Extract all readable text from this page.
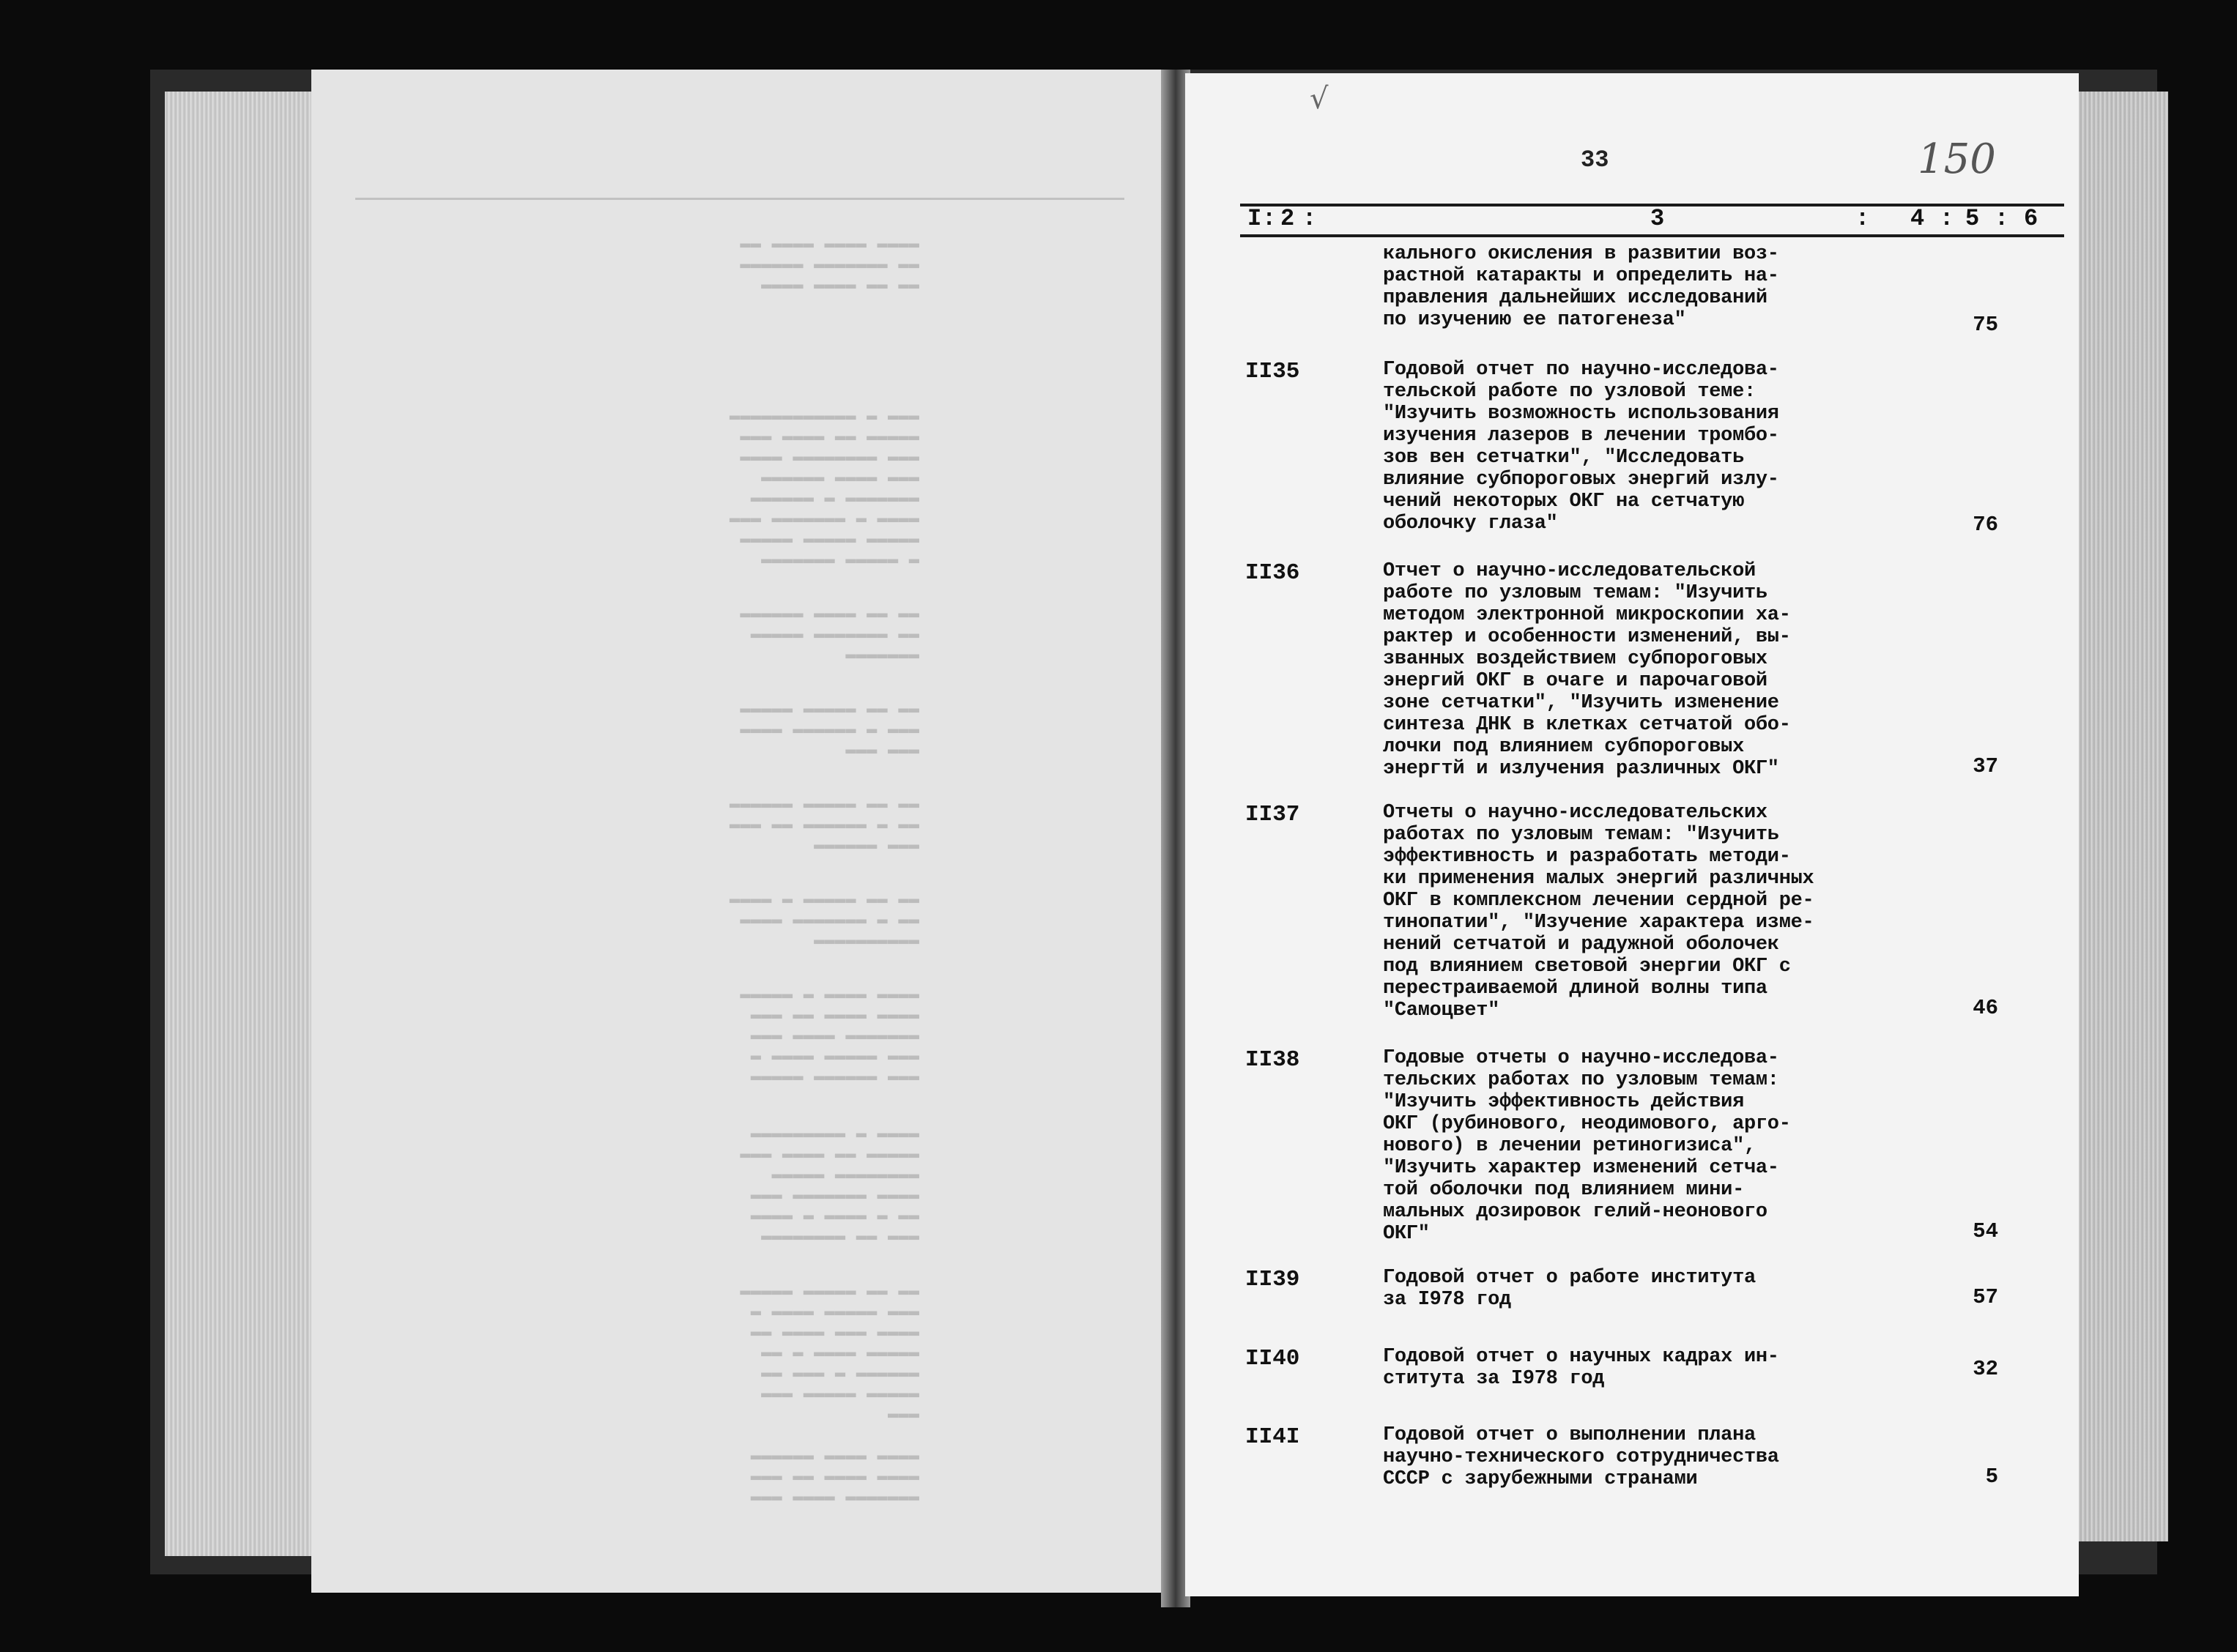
▬▬▬▬ ▬▬▬▬ ▬▬▬▬ ▬▬
▬▬ ▬▬▬▬▬▬▬ ▬▬▬▬▬▬
▬▬ ▬▬ ▬▬▬▬ ▬▬▬▬
▬▬▬ ▬ ▬▬▬▬▬▬▬▬▬▬▬▬
▬▬▬▬▬ ▬▬ ▬▬▬▬ ▬▬▬
▬▬▬ ▬▬▬▬▬▬▬▬ ▬▬▬▬
▬▬▬ ▬▬▬▬ ▬▬▬▬▬▬
▬▬▬▬▬▬▬ ▬ ▬▬▬▬▬▬
▬▬▬▬ ▬ ▬▬▬▬▬▬▬ ▬▬▬
▬▬▬▬▬ ▬▬▬▬▬ ▬▬▬▬▬
▬ ▬▬▬▬▬ ▬▬▬▬▬▬▬
▬▬ ▬▬ ▬▬▬▬ ▬▬▬▬▬▬
▬▬ ▬▬▬▬▬▬▬ ▬▬▬▬▬
▬▬▬▬▬▬▬
▬▬ ▬▬ ▬▬▬▬▬ ▬▬▬▬▬
▬▬▬ ▬ ▬▬▬▬▬▬ ▬▬▬▬
▬▬▬ ▬▬▬
▬▬ ▬▬ ▬▬▬▬▬ ▬▬▬▬▬▬
▬▬ ▬ ▬▬▬▬▬▬ ▬▬ ▬▬▬
▬▬▬ ▬▬▬▬▬▬
▬▬ ▬▬ ▬▬▬▬▬ ▬ ▬▬▬▬
▬▬ ▬ ▬▬▬▬▬▬▬ ▬▬▬▬
▬▬▬▬▬▬▬▬▬▬
▬▬▬▬ ▬▬▬▬ ▬ ▬▬▬▬▬
▬▬▬▬ ▬▬▬▬ ▬▬ ▬▬▬
▬▬▬▬▬▬▬ ▬▬▬▬ ▬▬▬
▬▬▬ ▬▬▬▬▬ ▬▬▬▬ ▬
▬▬▬ ▬▬▬▬▬▬ ▬▬▬▬▬
▬▬▬▬ ▬ ▬▬▬▬▬▬▬▬▬
▬▬▬▬▬ ▬▬ ▬▬▬▬ ▬▬▬
▬▬▬▬▬▬▬▬ ▬▬▬▬▬
▬▬▬▬ ▬▬▬▬▬▬▬ ▬▬▬
▬▬ ▬ ▬▬▬▬ ▬ ▬▬▬▬
▬▬▬ ▬▬ ▬▬▬▬▬▬▬▬
▬▬ ▬▬ ▬▬▬▬▬ ▬▬▬▬▬
▬▬▬ ▬▬▬▬▬ ▬▬▬▬ ▬
▬▬▬▬ ▬▬▬ ▬▬▬▬ ▬▬
▬▬▬▬▬ ▬▬▬▬ ▬ ▬▬
▬▬▬▬▬▬ ▬ ▬▬▬ ▬▬
▬▬▬▬▬ ▬▬▬▬▬ ▬▬▬
▬▬▬
▬▬▬▬ ▬▬▬▬ ▬▬▬▬▬▬
▬▬▬▬ ▬▬▬▬ ▬▬ ▬▬▬
▬▬▬▬▬▬▬ ▬▬▬▬ ▬▬▬
√
33	150
I : 2 :	3	: 4 : 5 : 6
кального окисления в развитии воз-
растной катаракты и определить на-
правления дальнейших исследований
по изучению ее патогенеза"	75
II35	Годовой отчет по научно-исследова-
тельской работе по узловой теме:
"Изучить возможность использования
изучения лазеров в лечении тромбо-
зов вен сетчатки", "Исследовать
влияние субпороговых энергий излу-
чений некоторых ОКГ на сетчатую
оболочку глаза"	76
II36	Отчет о научно-исследовательской
работе по узловым темам: "Изучить
методом электронной микроскопии ха-
рактер и особенности изменений, вы-
званных воздействием субпороговых
энергий ОКГ в очаге и парочаговой
зоне сетчатки", "Изучить изменение
синтеза ДНК в клетках сетчатой обо-
лочки под влиянием субпороговых
энергтй и излучения различных ОКГ"	37
II37	Отчеты о научно-исследовательских
работах по узловым темам: "Изучить
эффективность и разработать методи-
ки применения малых энергий различных
ОКГ в комплексном лечении сердной ре-
тинопатии", "Изучение характера изме-
нений сетчатой и радужной оболочек
под влиянием световой энергии ОКГ с
перестраиваемой длиной волны типа
"Самоцвет"	46
II38	Годовые отчеты о научно-исследова-
тельских работах по узловым темам:
"Изучить эффективность действия
ОКГ (рубинового, неодимового, арго-
нового) в лечении ретиногизиса",
"Изучить характер изменений сетча-
той оболочки под влиянием мини-
мальных дозировок гелий-неонового
ОКГ"	54
II39	Годовой отчет о работе института
за I978 год	57
II40	Годовой отчет о научных кадрах ин-
ститута за I978 год	32
II4I	Годовой отчет о выполнении плана
научно-технического сотрудничества
СССР с зарубежными странами	5
